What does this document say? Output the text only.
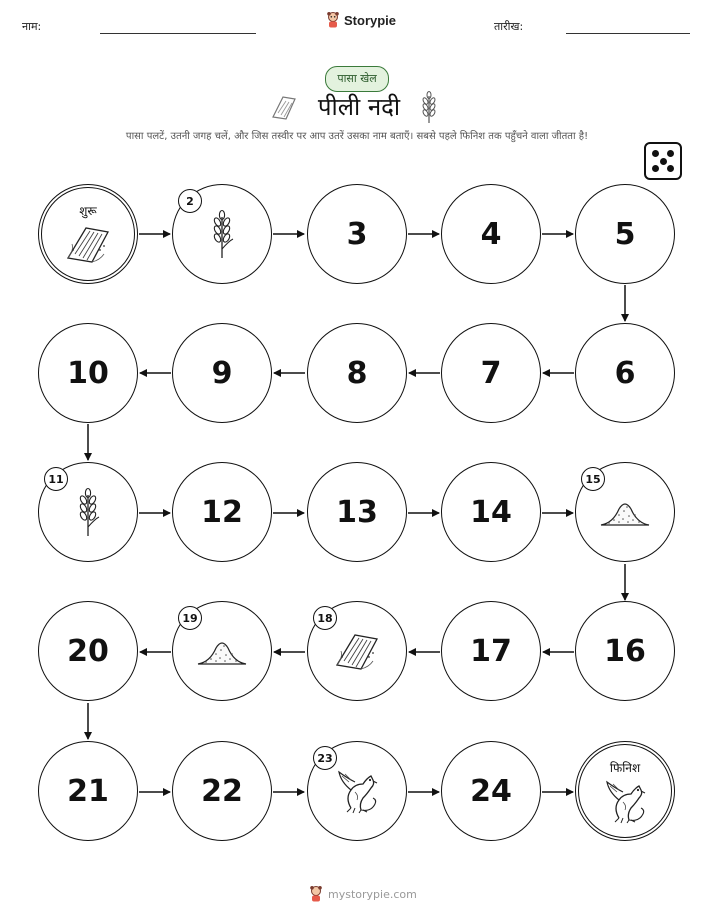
नाम:	Storypie	तारीख:
पासा खेल
पीली नदी
पासा पलटें, उतनी जगह चलें, और जिस तस्वीर पर आप उतरें उसका नाम बताएँ। सबसे पहले फिनिश तक पहुँचने वाला जीतता है!
शुरू
2
3	4	5
6
7
8
9
10
11
12	13	14
15
16
17
18
19
20
21	22
23
24
फिनिश
mystorypie.com
